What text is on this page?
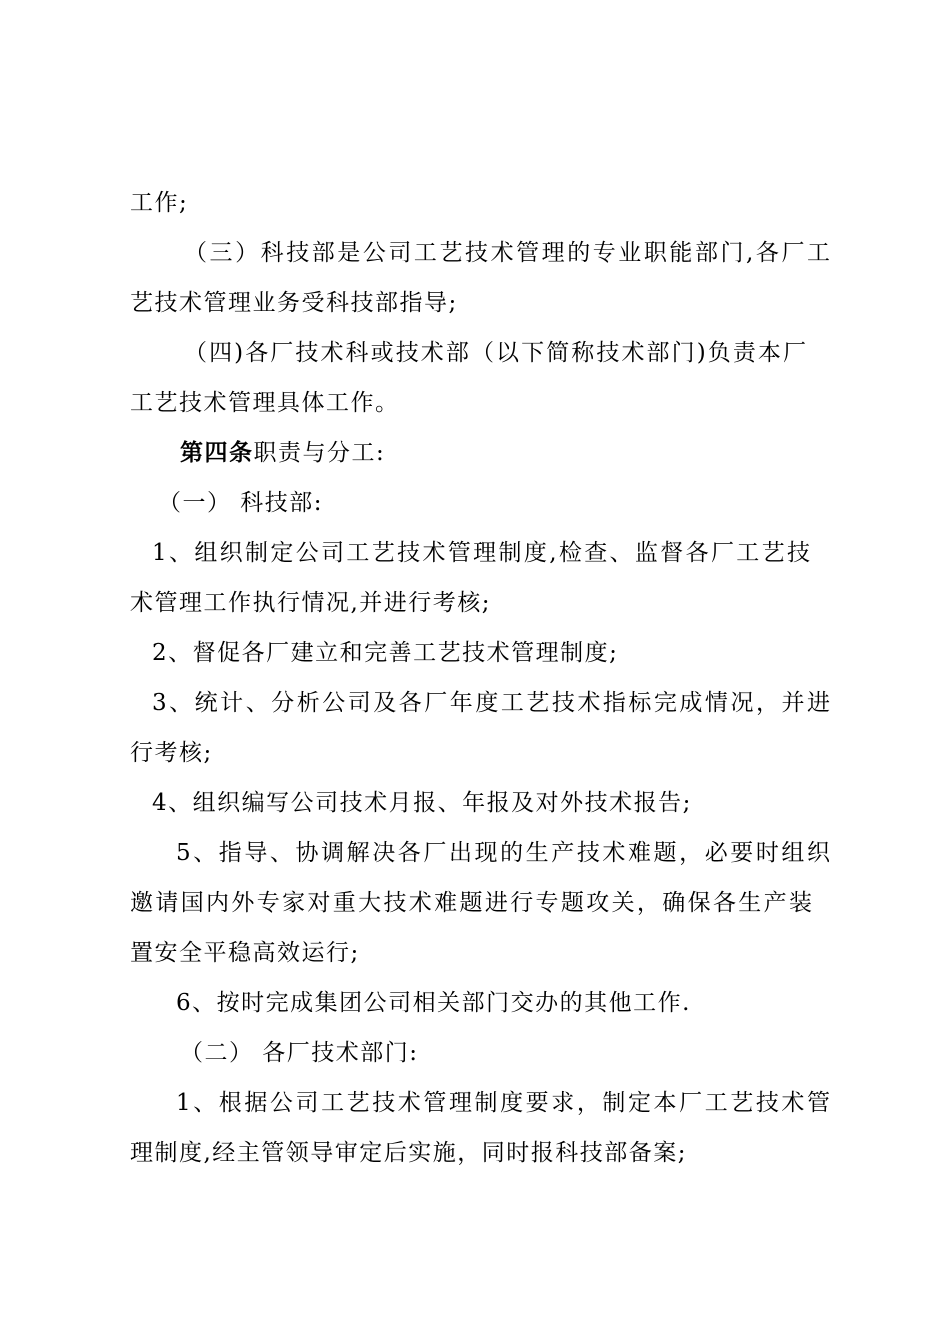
工作;
（三）科技部是公司工艺技术管理的专业职能部门,各厂工
艺技术管理业务受科技部指导;
（四)各厂技术科或技术部（以下简称技术部门)负责本厂
工艺技术管理具体工作。
第四条职责与分工:
（一） 科技部:
1、组织制定公司工艺技术管理制度,检查、监督各厂工艺技
术管理工作执行情况,并进行考核;
2、督促各厂建立和完善工艺技术管理制度;
3、统计、分析公司及各厂年度工艺技术指标完成情况，并进
行考核;
4、组织编写公司技术月报、年报及对外技术报告;
5、指导、协调解决各厂出现的生产技术难题，必要时组织
邀请国内外专家对重大技术难题进行专题攻关，确保各生产装
置安全平稳高效运行;
6、按时完成集团公司相关部门交办的其他工作.
（二） 各厂技术部门:
1、根据公司工艺技术管理制度要求，制定本厂工艺技术管
理制度,经主管领导审定后实施，同时报科技部备案;
